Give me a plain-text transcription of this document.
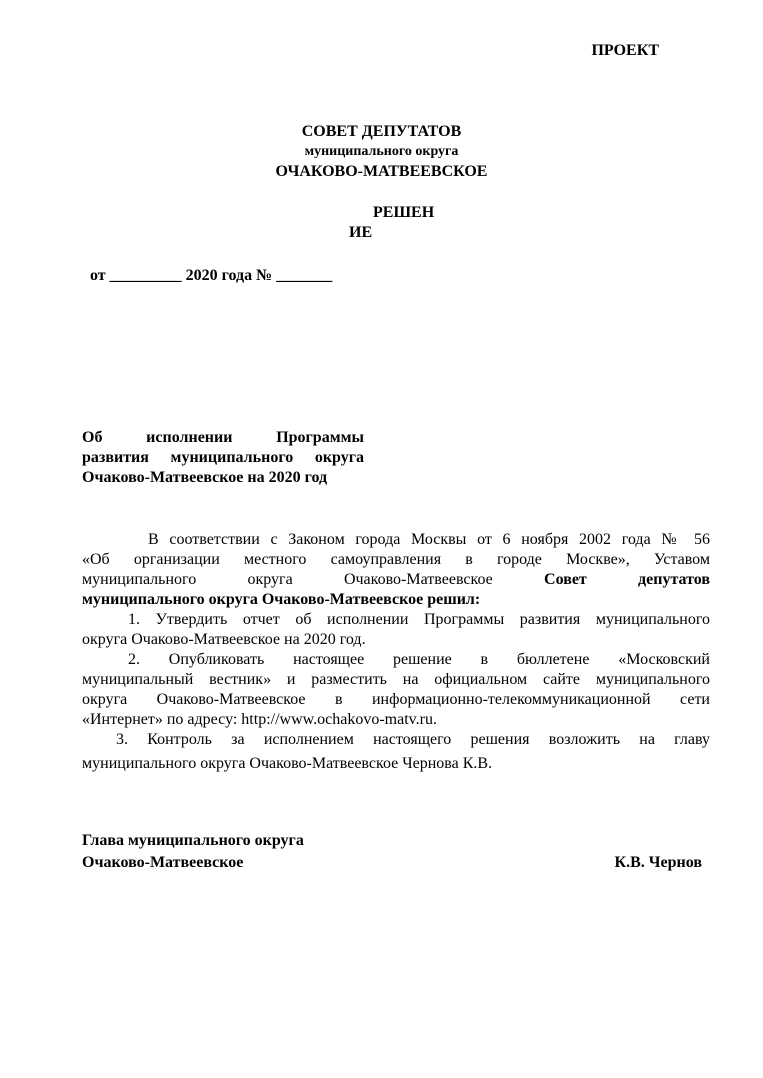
ПРОЕКТ
СОВЕТ ДЕПУТАТОВ
муниципального округа
ОЧАКОВО-МАТВЕЕВСКОЕ
РЕШЕН
ИЕ
от _________ 2020 года № _______
Об исполнении Программы
развития муниципального округа
Очаково-Матвеевское на 2020 год

В соответствии с Законом города Москвы от 6 ноября 2002 года № 56

«Об организации местного самоуправления в городе Москве», Уставом

муниципального округа Очаково-Матвеевское	Совет депутатов

муниципального округа Очаково-Матвеевское решил:

1. Утвердить отчет об исполнении Программы развития муниципального

округа Очаково-Матвеевское на 2020 год.

2. Опубликовать настоящее решение в бюллетене «Московский

муниципальный вестник» и разместить на официальном сайте муниципального

округа Очаково-Матвеевское в информационно-телекоммуникационной сети

«Интернет» по адресу: http://www.ochakovo-matv.ru.

3. Контроль за исполнением настоящего решения возложить на главу

муниципального округа Очаково-Матвеевское Чернова К.В.

Глава муниципального округа
Очаково-Матвеевское	К.В. Чернов
